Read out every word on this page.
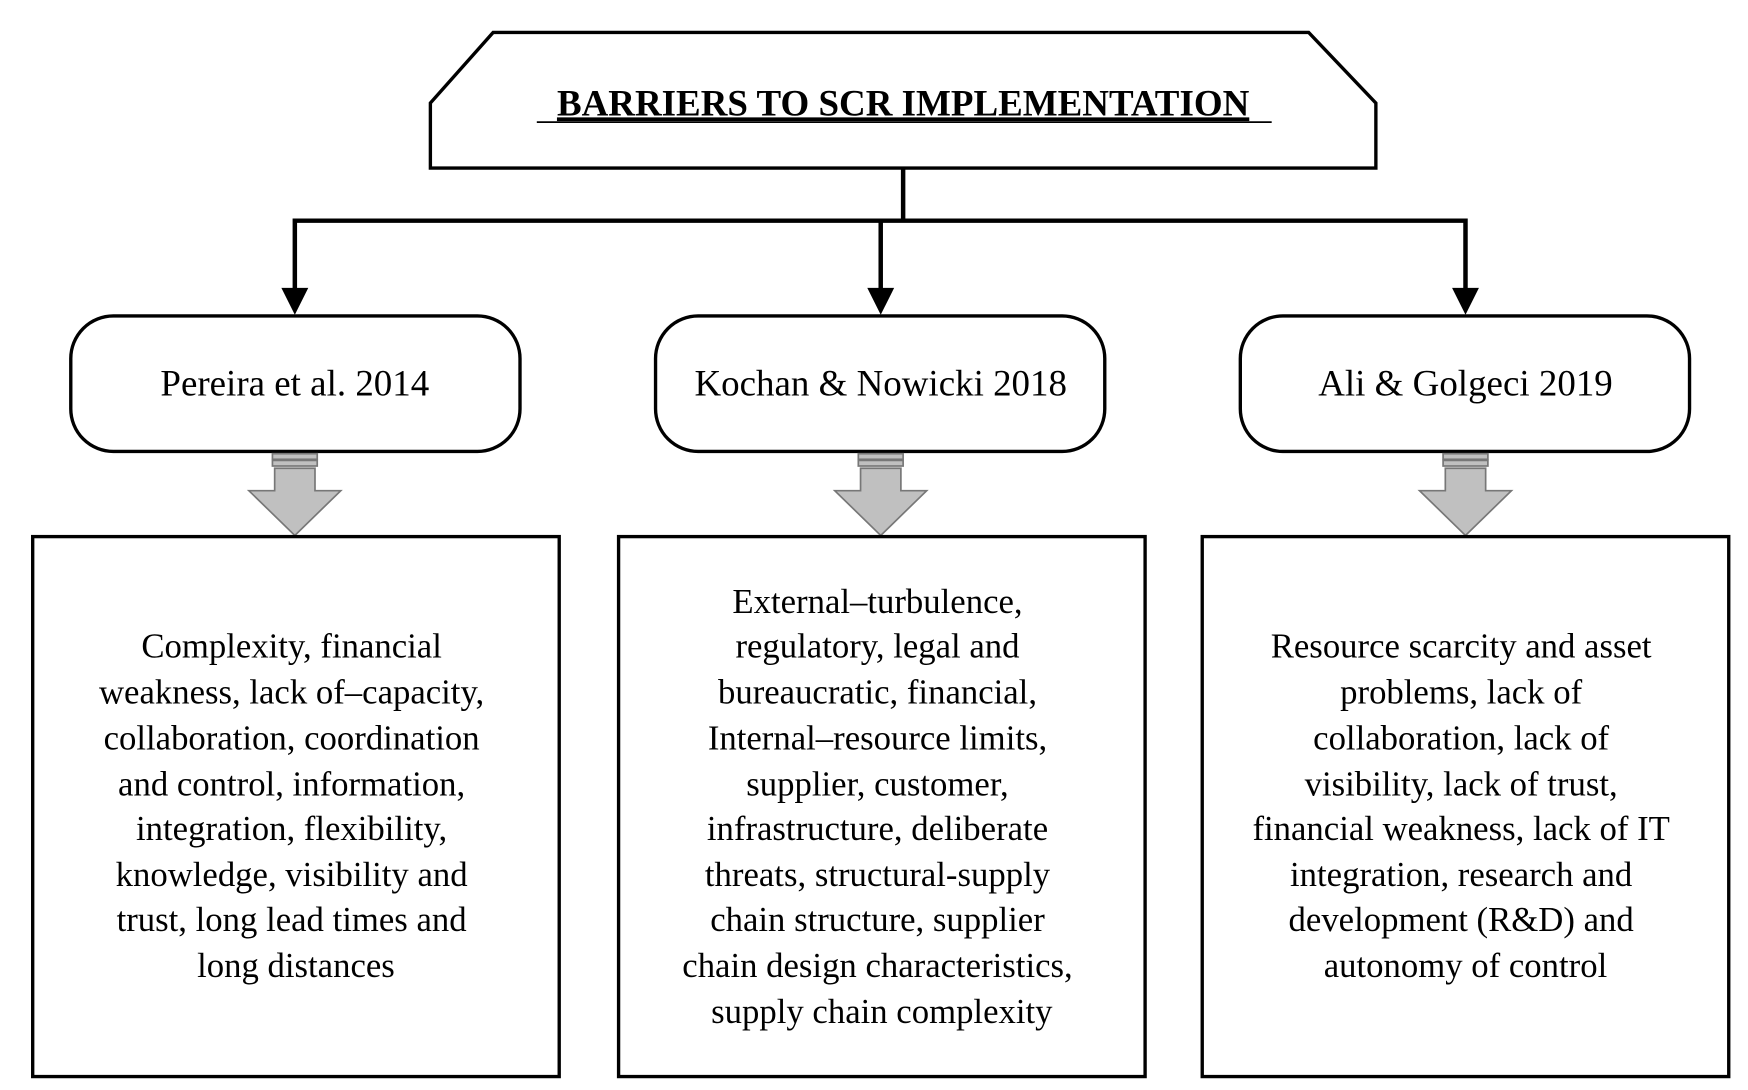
BARRIERS TO SCR IMPLEMENTATION
Pereira et al. 2014
Complexity, financial weakness, lack of–capacity, collaboration, coordination and control, information, integration, flexibility, knowledge, visibility and trust, long lead times and long distances
Kochan & Nowicki 2018
External–turbulence, regulatory, legal and bureaucratic, financial, Internal–resource limits, supplier, customer, infrastructure, deliberate threats, structural-supply chain structure, supplier chain design characteristics, supply chain complexity
Ali & Golgeci 2019
Resource scarcity and asset problems, lack of collaboration, lack of visibility, lack of trust, financial weakness, lack of IT integration, research and development (R&D) and autonomy of control
